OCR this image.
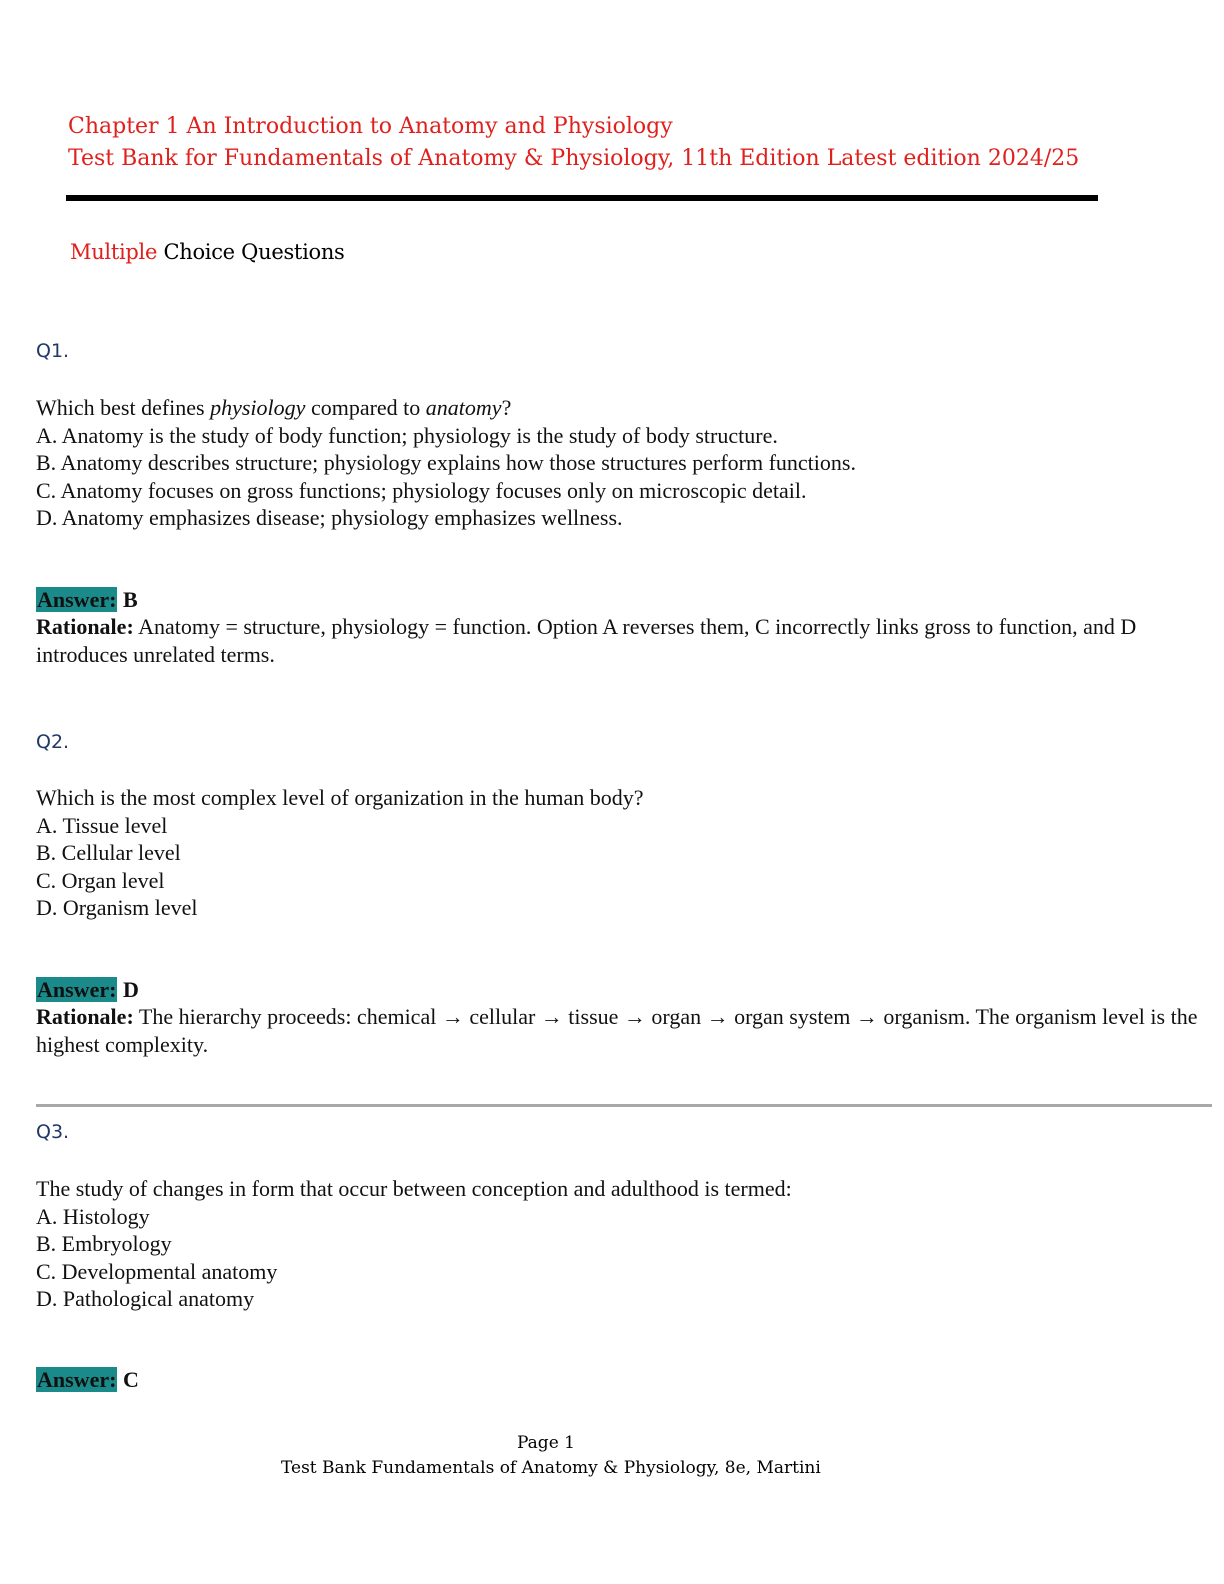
Chapter 1 An Introduction to Anatomy and Physiology
Test Bank for Fundamentals of Anatomy & Physiology, 11th Edition Latest edition 2024/25
Multiple Choice Questions
Q1.
Which best defines physiology compared to anatomy?
A. Anatomy is the study of body function; physiology is the study of body structure.
B. Anatomy describes structure; physiology explains how those structures perform functions.
C. Anatomy focuses on gross functions; physiology focuses only on microscopic detail.
D. Anatomy emphasizes disease; physiology emphasizes wellness.
Answer: B
Rationale: Anatomy = structure, physiology = function. Option A reverses them, C incorrectly links gross to function, and D introduces unrelated terms.
Q2.
Which is the most complex level of organization in the human body?
A. Tissue level
B. Cellular level
C. Organ level
D. Organism level
Answer: D
Rationale: The hierarchy proceeds: chemical → cellular → tissue → organ → organ system → organism. The organism level is the highest complexity.
Q3.
The study of changes in form that occur between conception and adulthood is termed:
A. Histology
B. Embryology
C. Developmental anatomy
D. Pathological anatomy
Answer: C
Page 1
Test Bank Fundamentals of Anatomy & Physiology, 8e, Martini
